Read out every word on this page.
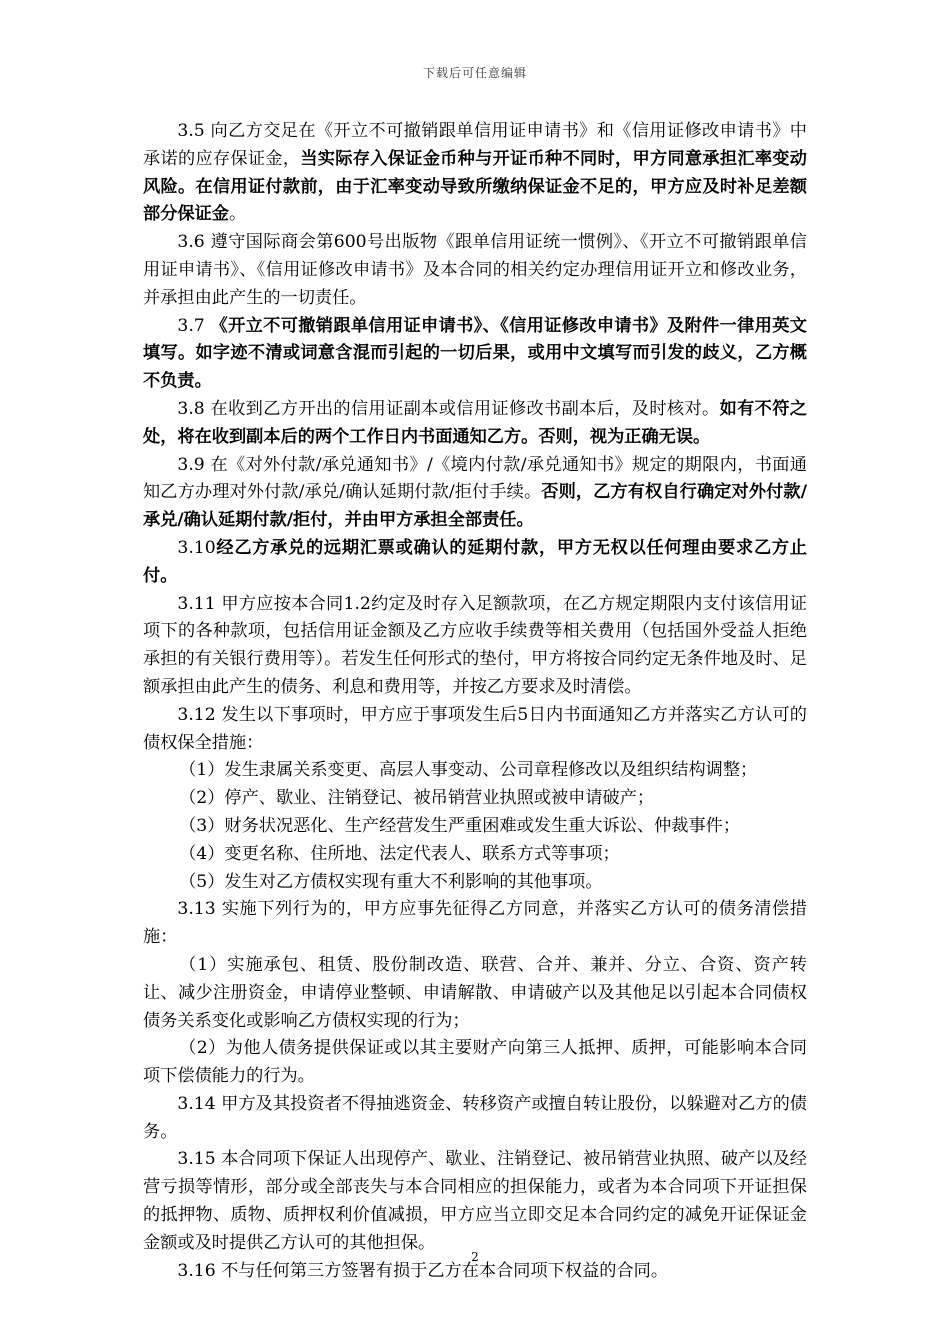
下载后可任意编辑

3.5 向乙方交足在《开立不可撤销跟单信用证申请书》和《信用证修改申请书》中承诺的应存保证金，当实际存入保证金币种与开证币种不同时，甲方同意承担汇率变动风险。在信用证付款前，由于汇率变动导致所缴纳保证金不足的，甲方应及时补足差额部分保证金。

3.6 遵守国际商会第600号出版物《跟单信用证统一惯例》、《开立不可撤销跟单信用证申请书》、《信用证修改申请书》及本合同的相关约定办理信用证开立和修改业务，并承担由此产生的一切责任。

3.7 《开立不可撤销跟单信用证申请书》、《信用证修改申请书》及附件一律用英文填写。如字迹不清或词意含混而引起的一切后果，或用中文填写而引发的歧义，乙方概不负责。

3.8 在收到乙方开出的信用证副本或信用证修改书副本后，及时核对。如有不符之处，将在收到副本后的两个工作日内书面通知乙方。否则，视为正确无误。

3.9 在《对外付款/承兑通知书》/《境内付款/承兑通知书》规定的期限内，书面通知乙方办理对外付款/承兑/确认延期付款/拒付手续。否则，乙方有权自行确定对外付款/承兑/确认延期付款/拒付，并由甲方承担全部责任。

3.10经乙方承兑的远期汇票或确认的延期付款，甲方无权以任何理由要求乙方止付。

3.11 甲方应按本合同1.2约定及时存入足额款项，在乙方规定期限内支付该信用证项下的各种款项，包括信用证金额及乙方应收手续费等相关费用（包括国外受益人拒绝承担的有关银行费用等）。若发生任何形式的垫付，甲方将按合同约定无条件地及时、足额承担由此产生的债务、利息和费用等，并按乙方要求及时清偿。

3.12 发生以下事项时，甲方应于事项发生后5日内书面通知乙方并落实乙方认可的债权保全措施：

（1）发生隶属关系变更、高层人事变动、公司章程修改以及组织结构调整；

（2）停产、歇业、注销登记、被吊销营业执照或被申请破产；

（3）财务状况恶化、生产经营发生严重困难或发生重大诉讼、仲裁事件；

（4）变更名称、住所地、法定代表人、联系方式等事项；

（5）发生对乙方债权实现有重大不利影响的其他事项。

3.13 实施下列行为的，甲方应事先征得乙方同意，并落实乙方认可的债务清偿措施：

（1）实施承包、租赁、股份制改造、联营、合并、兼并、分立、合资、资产转让、减少注册资金，申请停业整顿、申请解散、申请破产以及其他足以引起本合同债权债务关系变化或影响乙方债权实现的行为；

（2）为他人债务提供保证或以其主要财产向第三人抵押、质押，可能影响本合同项下偿债能力的行为。

3.14 甲方及其投资者不得抽逃资金、转移资产或擅自转让股份，以躲避对乙方的债务。

3.15 本合同项下保证人出现停产、歇业、注销登记、被吊销营业执照、破产以及经营亏损等情形，部分或全部丧失与本合同相应的担保能力，或者为本合同项下开证担保的抵押物、质物、质押权利价值减损，甲方应当立即交足本合同约定的减免开证保证金金额或及时提供乙方认可的其他担保。

3.16 不与任何第三方签署有损于乙方在本合同项下权益的合同。

2
